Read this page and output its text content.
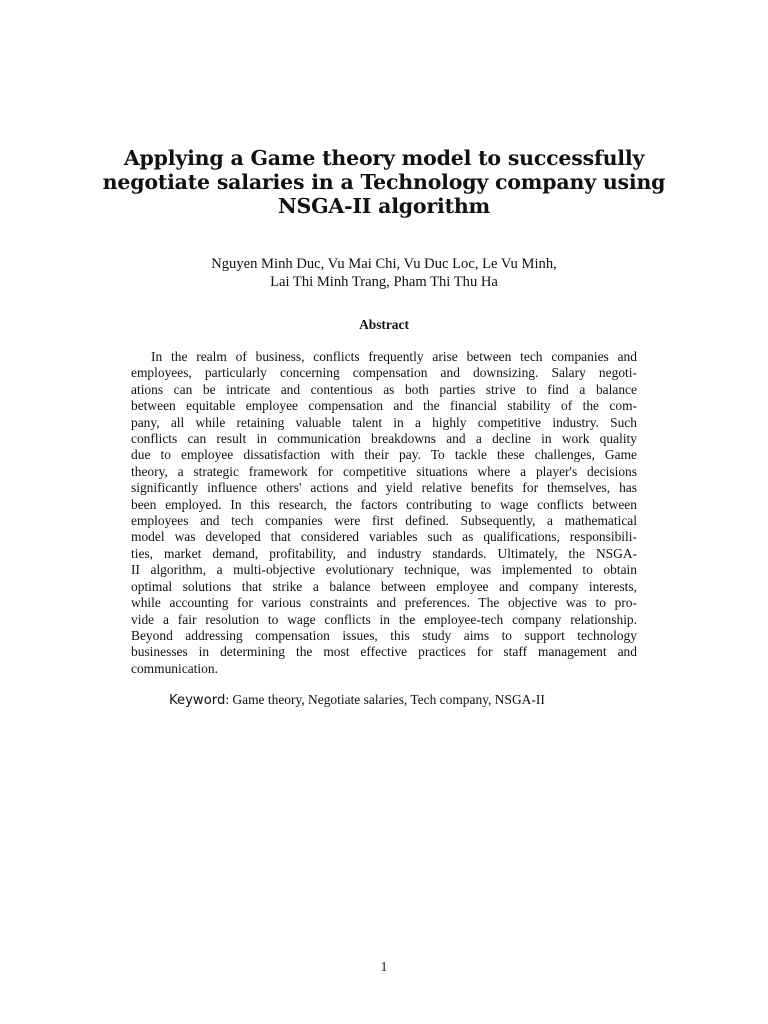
Applying a Game theory model to successfully
negotiate salaries in a Technology company using
NSGA-II algorithm
Nguyen Minh Duc, Vu Mai Chi, Vu Duc Loc, Le Vu Minh,
Lai Thi Minh Trang, Pham Thi Thu Ha
Abstract

In the realm of business, conflicts frequently arise between tech companies and
employees, particularly concerning compensation and downsizing. Salary negoti-
ations can be intricate and contentious as both parties strive to find a balance
between equitable employee compensation and the financial stability of the com-
pany, all while retaining valuable talent in a highly competitive industry. Such
conflicts can result in communication breakdowns and a decline in work quality
due to employee dissatisfaction with their pay. To tackle these challenges, Game
theory, a strategic framework for competitive situations where a player's decisions
significantly influence others' actions and yield relative benefits for themselves, has
been employed. In this research, the factors contributing to wage conflicts between
employees and tech companies were first defined. Subsequently, a mathematical
model was developed that considered variables such as qualifications, responsibili-
ties, market demand, profitability, and industry standards. Ultimately, the NSGA-
II algorithm, a multi-objective evolutionary technique, was implemented to obtain
optimal solutions that strike a balance between employee and company interests,
while accounting for various constraints and preferences. The objective was to pro-
vide a fair resolution to wage conflicts in the employee-tech company relationship.
Beyond addressing compensation issues, this study aims to support technology
businesses in determining the most effective practices for staff management and
communication.

Keyword: Game theory, Negotiate salaries, Tech company, NSGA-II
1
